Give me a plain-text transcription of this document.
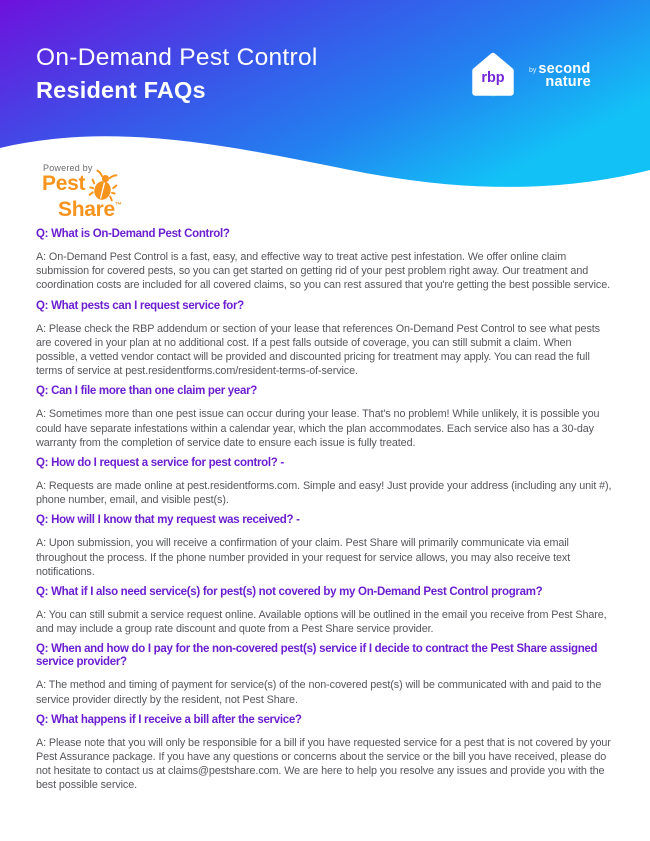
On-Demand Pest Control
Resident FAQs	rbp	by second
nature
Powered by
Pest
Share ™
Q: What is On-Demand Pest Control?

A: On-Demand Pest Control is a fast, easy, and effective way to treat active pest infestation. We offer online claim submission for covered pests, so you can get started on getting rid of your pest problem right away. Our treatment and coordination costs are included for all covered claims, so you can rest assured that you're getting the best possible service.

Q: What pests can I request service for?

A: Please check the RBP addendum or section of your lease that references On-Demand Pest Control to see what pests are covered in your plan at no additional cost. If a pest falls outside of coverage, you can still submit a claim. When possible, a vetted vendor contact will be provided and discounted pricing for treatment may apply. You can read the full terms of service at pest.residentforms.com/resident-terms-of-service.

Q: Can I file more than one claim per year?

A: Sometimes more than one pest issue can occur during your lease. That's no problem! While unlikely, it is possible you could have separate infestations within a calendar year, which the plan accommodates. Each service also has a 30-day warranty from the completion of service date to ensure each issue is fully treated.

Q: How do I request a service for pest control? -

A: Requests are made online at pest.residentforms.com. Simple and easy! Just provide your address (including any unit #), phone number, email, and visible pest(s).

Q: How will I know that my request was received? -

A: Upon submission, you will receive a confirmation of your claim. Pest Share will primarily communicate via email throughout the process. If the phone number provided in your request for service allows, you may also receive text notifications.

Q: What if I also need service(s) for pest(s) not covered by my On-Demand Pest Control program?

A: You can still submit a service request online. Available options will be outlined in the email you receive from Pest Share, and may include a group rate discount and quote from a Pest Share service provider.

Q: When and how do I pay for the non-covered pest(s) service if I decide to contract the Pest Share assigned service provider?

A: The method and timing of payment for service(s) of the non-covered pest(s) will be communicated with and paid to the service provider directly by the resident, not Pest Share.

Q: What happens if I receive a bill after the service?

A: Please note that you will only be responsible for a bill if you have requested service for a pest that is not covered by your Pest Assurance package. If you have any questions or concerns about the service or the bill you have received, please do not hesitate to contact us at claims@pestshare.com. We are here to help you resolve any issues and provide you with the best possible service.
